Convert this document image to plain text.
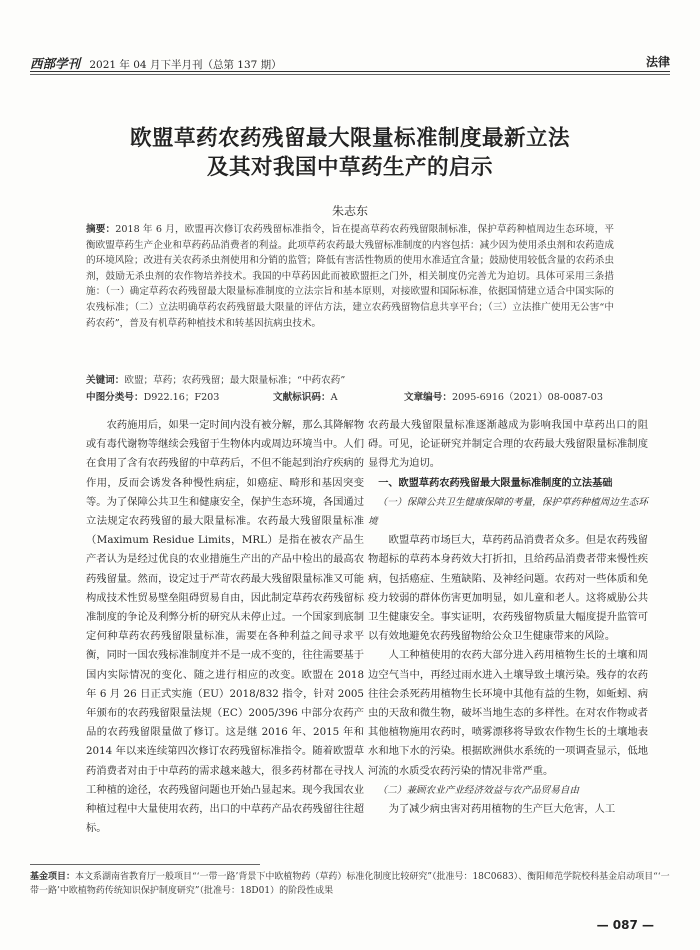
西部学刊 2021 年 04 月下半月刊（总第 137 期）	法律
欧盟草药农药残留最大限量标准制度最新立法
及其对我国中草药生产的启示
朱志东
摘要：2018 年 6 月，欧盟再次修订农药残留标准指令，旨在提高草药农药残留限制标准，保护草药种植周边生态环境，平衡欧盟草药生产企业和草药药品消费者的利益。此项草药农药最大残留标准制度的内容包括：减少因为使用杀虫剂和农药造成的环境风险；改进有关农药杀虫剂使用和分销的监管；降低有害活性物质的使用水准适宜含量；鼓励使用较低含量的农药杀虫剂，鼓励无杀虫剂的农作物培养技术。我国的中草药因此而被欧盟拒之门外，相关制度仍完善尤为迫切。具体可采用三条措施：（一）确定草药农药残留最大限量标准制度的立法宗旨和基本原则，对接欧盟和国际标准，依据国情建立适合中国实际的农残标准；（二）立法明确草药农药残留最大限量的评估方法，建立农药残留物信息共享平台；（三）立法推广使用无公害“中药农药”，普及有机草药种植技术和转基因抗病虫技术。
关键词：欧盟；草药；农药残留；最大限量标准；“中药农药”
中图分类号：D922.16；F203	文献标识码：A	文章编号：2095-6916（2021）08-0087-03

农药施用后，如果一定时间内没有被分解，那么其降解物或有毒代谢物等继续会残留于生物体内或周边环境当中。人们在食用了含有农药残留的中草药后，不但不能起到治疗疾病的作用，反而会诱发各种慢性病症，如癌症、畸形和基因突变等。为了保障公共卫生和健康安全，保护生态环境，各国通过立法规定农药残留的最大限量标准。农药最大残留限量标准（Maximum Residue Limits，MRL）是指在被农产品生产者认为是经过优良的农业措施生产出的产品中检出的最高农药残留量。然而，设定过于严苛农药最大残留限量标准又可能构成技术性贸易壁垒阻碍贸易自由，因此制定草药农药残留标准制度的争论及利弊分析的研究从未停止过。一个国家到底制定何种草药农药残留限量标准，需要在各种利益之间寻求平衡，同时一国农残标准制度并不是一成不变的，往往需要基于国内实际情况的变化、随之进行相应的改变。欧盟在 2018 年 6 月 26 日正式实施（EU）2018/832 指令，针对 2005 年颁布的农药残留限量法规（EC）2005/396 中部分农药产品的农药残留限量做了修订。这是继 2016 年、2015 年和 2014 年以来连续第四次修订农药残留标准指令。随着欧盟草药消费者对由于中草药的需求越来越大，很多药材都在寻找人工种植的途径，农药残留问题也开始凸显起来。现今我国农业种植过程中大量使用农药，出口的中草药产品农药残留往往超标。

农药最大残留限量标准逐渐越成为影响我国中草药出口的阻碍。可见，论证研究并制定合理的农药最大残留限量标准制度显得尤为迫切。

一、欧盟草药农药残留最大限量标准制度的立法基础

（一）保障公共卫生健康保障的考量，保护草药种植周边生态环境

欧盟草药市场巨大，草药药品消费者众多。但是农药残留物超标的草药本身药效大打折扣，且给药品消费者带来慢性疾病，包括癌症、生殖缺陷、及神经问题。农药对一些体质和免疫力较弱的群体伤害更加明显，如儿童和老人。这将威胁公共卫生健康安全。事实证明，农药残留物质量大幅度提升监管可以有效地避免农药残留物给公众卫生健康带来的风险。

人工种植使用的农药大部分进入药用植物生长的土壤和周边空气当中，再经过雨水进入土壤导致土壤污染。残存的农药往往会杀死药用植物生长环境中其他有益的生物，如蚯蚓、病虫的天敌和微生物，破坏当地生态的多样性。在对农作物或者其他植物施用农药时，喷雾漂移将导致农作物生长的土壤地表水和地下水的污染。根据欧洲供水系统的一项调查显示，低地河流的水质受农药污染的情况非常严重。

（二）兼顾农业产业经济效益与农产品贸易自由

为了减少病虫害对药用植物的生产巨大危害，人工

基金项目：本文系湖南省教育厅一般项目“‘一带一路’背景下中欧植物药（草药）标准化制度比较研究”（批准号：18C0683）、衡阳师范学院校科基金启动项目“‘一带一路’中欧植物药传统知识保护制度研究”（批准号：18D01）的阶段性成果
— 087 —
